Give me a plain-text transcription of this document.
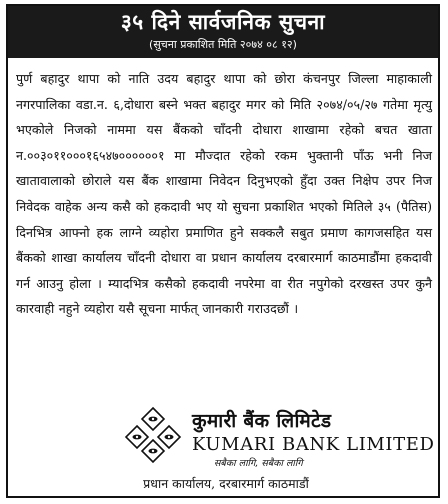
३५ दिने सार्वजनिक सुचना
(सुचना प्रकाशित मिति २०७४ ०८ १२)
पुर्ण बहादुर थापा को नाति उदय बहादुर थापा को छोरा कंचनपुर जिल्ला माहाकाली नगरपालिका वडा.न. ६,दोधारा बस्ने भक्त बहादुर मगर को मिति २०७४/०५/२७ गतेमा मृत्यु भएकोले निजको नाममा यस बैंकको चाँदनी दोधारा शाखामा रहेको बचत खाता न.००३०११०००१६५४७००००००१ मा मौज्दात रहेको रकम भुक्तानी पाँऊ भनी निज खातावालाको छोराले यस बैंक शाखामा निवेदन दिनुभएको हुँदा उक्त निक्षेप उपर निज निवेदक वाहेक अन्य कसै को हकदावी भए यो सुचना प्रकाशित भएको मितिले ३५ (पैतिस) दिनभित्र आफ्नो हक लाग्ने व्यहोरा प्रमाणित हुने सक्कलै सबुत प्रमाण कागजसहित यस बैंकको शाखा कार्यालय चाँदनी दोधारा वा प्रधान कार्यालय दरबारमार्ग काठमाडौंमा हकदावी गर्न आउनु होला । म्यादभित्र कसैको हकदावी नपरेमा वा रीत नपुगेको दरखस्त उपर कुनै कारवाही नहुने व्यहोरा यसै सूचना मार्फत् जानकारी गराउदछौं ।
कुमारी बैंक लिमिटेड
KUMARI BANK LIMITED
सबैका लागि, सबैका लागि
प्रधान कार्यालय, दरबारमार्ग काठमाडौं
